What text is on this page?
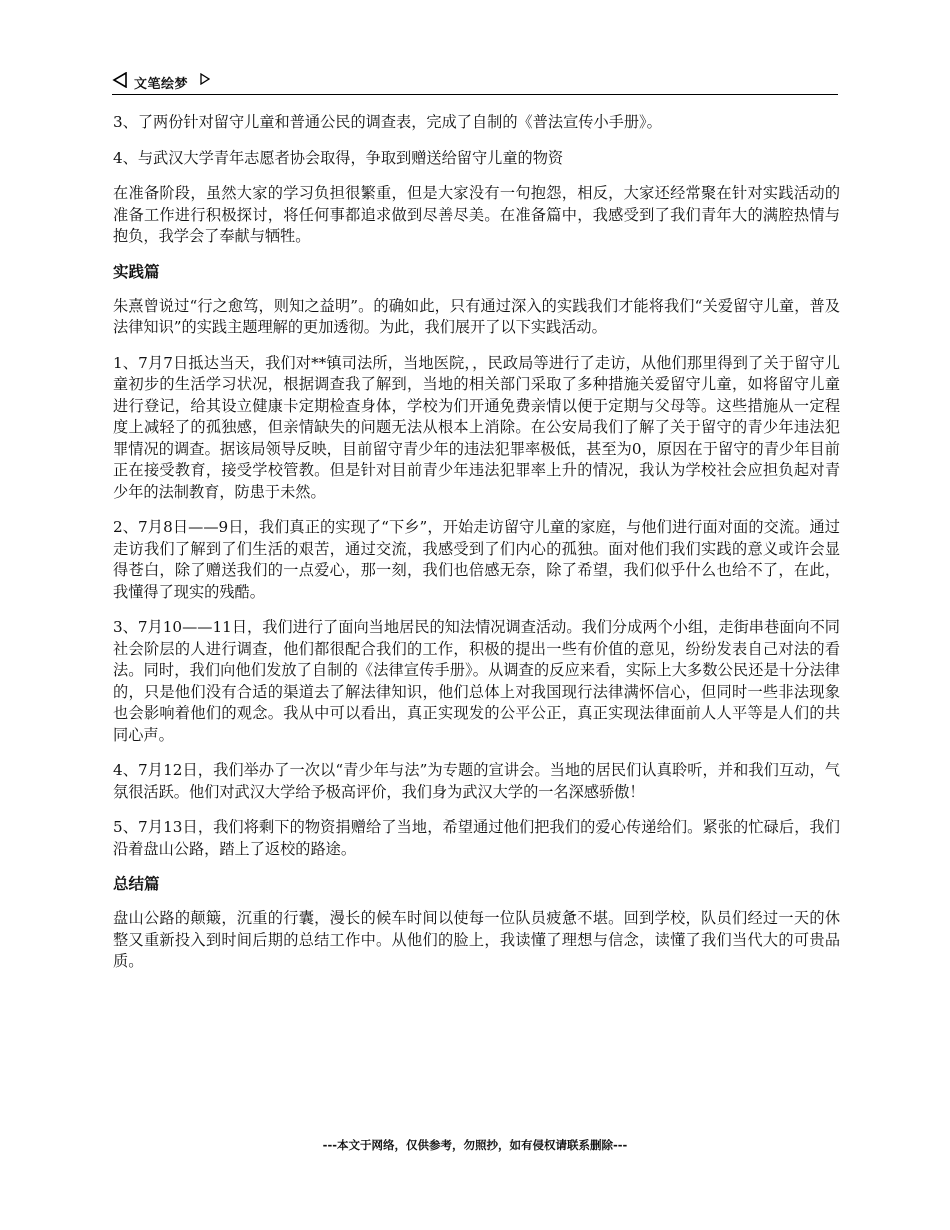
文笔绘梦

3、了两份针对留守儿童和普通公民的调查表，完成了自制的《普法宣传小手册》。

4、与武汉大学青年志愿者协会取得，争取到赠送给留守儿童的物资

在准备阶段，虽然大家的学习负担很繁重，但是大家没有一句抱怨，相反，大家还经常聚在针对实践活动的准备工作进行积极探讨，将任何事都追求做到尽善尽美。在准备篇中，我感受到了我们青年大的满腔热情与抱负，我学会了奉献与牺牲。

实践篇

朱熹曾说过“行之愈笃，则知之益明”。的确如此，只有通过深入的实践我们才能将我们“关爱留守儿童，普及法律知识”的实践主题理解的更加透彻。为此，我们展开了以下实践活动。

1、7月7日抵达当天，我们对**镇司法所，当地医院，，民政局等进行了走访，从他们那里得到了关于留守儿童初步的生活学习状况，根据调查我了解到，当地的相关部门采取了多种措施关爱留守儿童，如将留守儿童进行登记，给其设立健康卡定期检查身体，学校为们开通免费亲情以便于定期与父母等。这些措施从一定程度上减轻了的孤独感，但亲情缺失的问题无法从根本上消除。在公安局我们了解了关于留守的青少年违法犯罪情况的调查。据该局领导反映，目前留守青少年的违法犯罪率极低，甚至为0，原因在于留守的青少年目前正在接受教育，接受学校管教。但是针对目前青少年违法犯罪率上升的情况，我认为学校社会应担负起对青少年的法制教育，防患于未然。

2、7月8日——9日，我们真正的实现了“下乡”，开始走访留守儿童的家庭，与他们进行面对面的交流。通过走访我们了解到了们生活的艰苦，通过交流，我感受到了们内心的孤独。面对他们我们实践的意义或许会显得苍白，除了赠送我们的一点爱心，那一刻，我们也倍感无奈，除了希望，我们似乎什么也给不了，在此，我懂得了现实的残酷。

3、7月10——11日，我们进行了面向当地居民的知法情况调查活动。我们分成两个小组，走街串巷面向不同社会阶层的人进行调查，他们都很配合我们的工作，积极的提出一些有价值的意见，纷纷发表自己对法的看法。同时，我们向他们发放了自制的《法律宣传手册》。从调查的反应来看，实际上大多数公民还是十分法律的，只是他们没有合适的渠道去了解法律知识，他们总体上对我国现行法律满怀信心，但同时一些非法现象也会影响着他们的观念。我从中可以看出，真正实现发的公平公正，真正实现法律面前人人平等是人们的共同心声。

4、7月12日，我们举办了一次以“青少年与法”为专题的宣讲会。当地的居民们认真聆听，并和我们互动，气氛很活跃。他们对武汉大学给予极高评价，我们身为武汉大学的一名深感骄傲！

5、7月13日，我们将剩下的物资捐赠给了当地，希望通过他们把我们的爱心传递给们。紧张的忙碌后，我们沿着盘山公路，踏上了返校的路途。

总结篇

盘山公路的颠簸，沉重的行囊，漫长的候车时间以使每一位队员疲惫不堪。回到学校，队员们经过一天的休整又重新投入到时间后期的总结工作中。从他们的脸上，我读懂了理想与信念，读懂了我们当代大的可贵品质。

---本文于网络，仅供参考，勿照抄，如有侵权请联系删除---
